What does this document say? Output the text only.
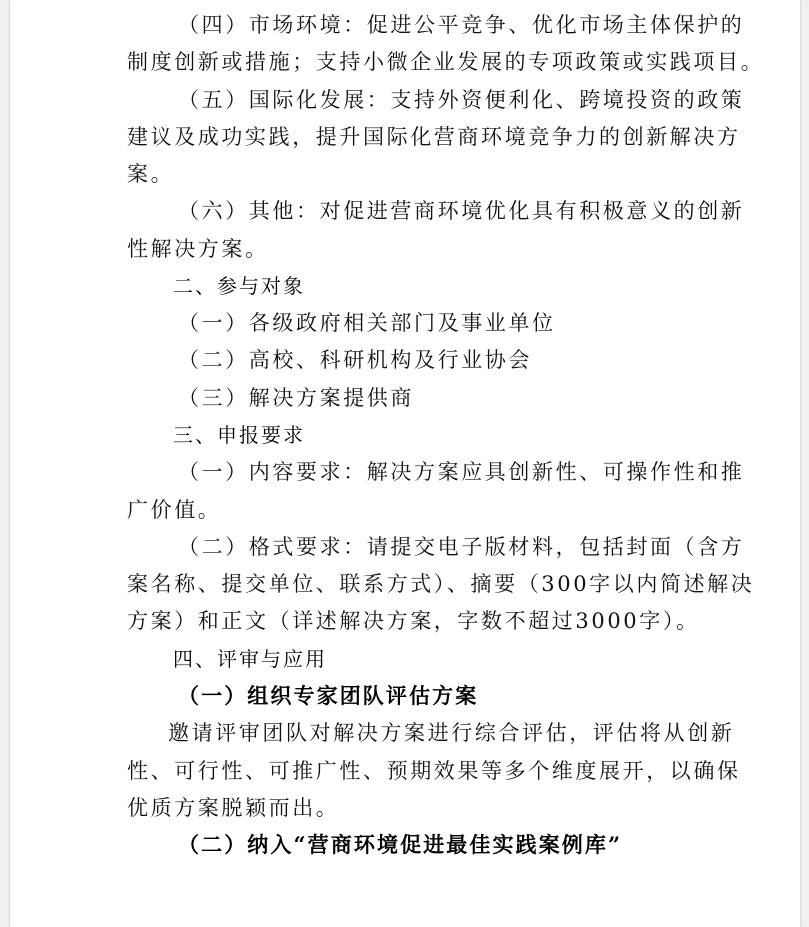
（四）市场环境：促进公平竞争、优化市场主体保护的
制度创新或措施；支持小微企业发展的专项政策或实践项目。
（五）国际化发展：支持外资便利化、跨境投资的政策
建议及成功实践，提升国际化营商环境竞争力的创新解决方
案。
（六）其他：对促进营商环境优化具有积极意义的创新
性解决方案。
二、参与对象
（一）各级政府相关部门及事业单位
（二）高校、科研机构及行业协会
（三）解决方案提供商
三、申报要求
（一）内容要求：解决方案应具创新性、可操作性和推
广价值。
（二）格式要求：请提交电子版材料，包括封面（含方
案名称、提交单位、联系方式）、摘要（300字以内简述解决
方案）和正文（详述解决方案，字数不超过3000字）。
四、评审与应用
（一）组织专家团队评估方案
邀请评审团队对解决方案进行综合评估，评估将从创新
性、可行性、可推广性、预期效果等多个维度展开，以确保
优质方案脱颖而出。
（二）纳入“营商环境促进最佳实践案例库”
